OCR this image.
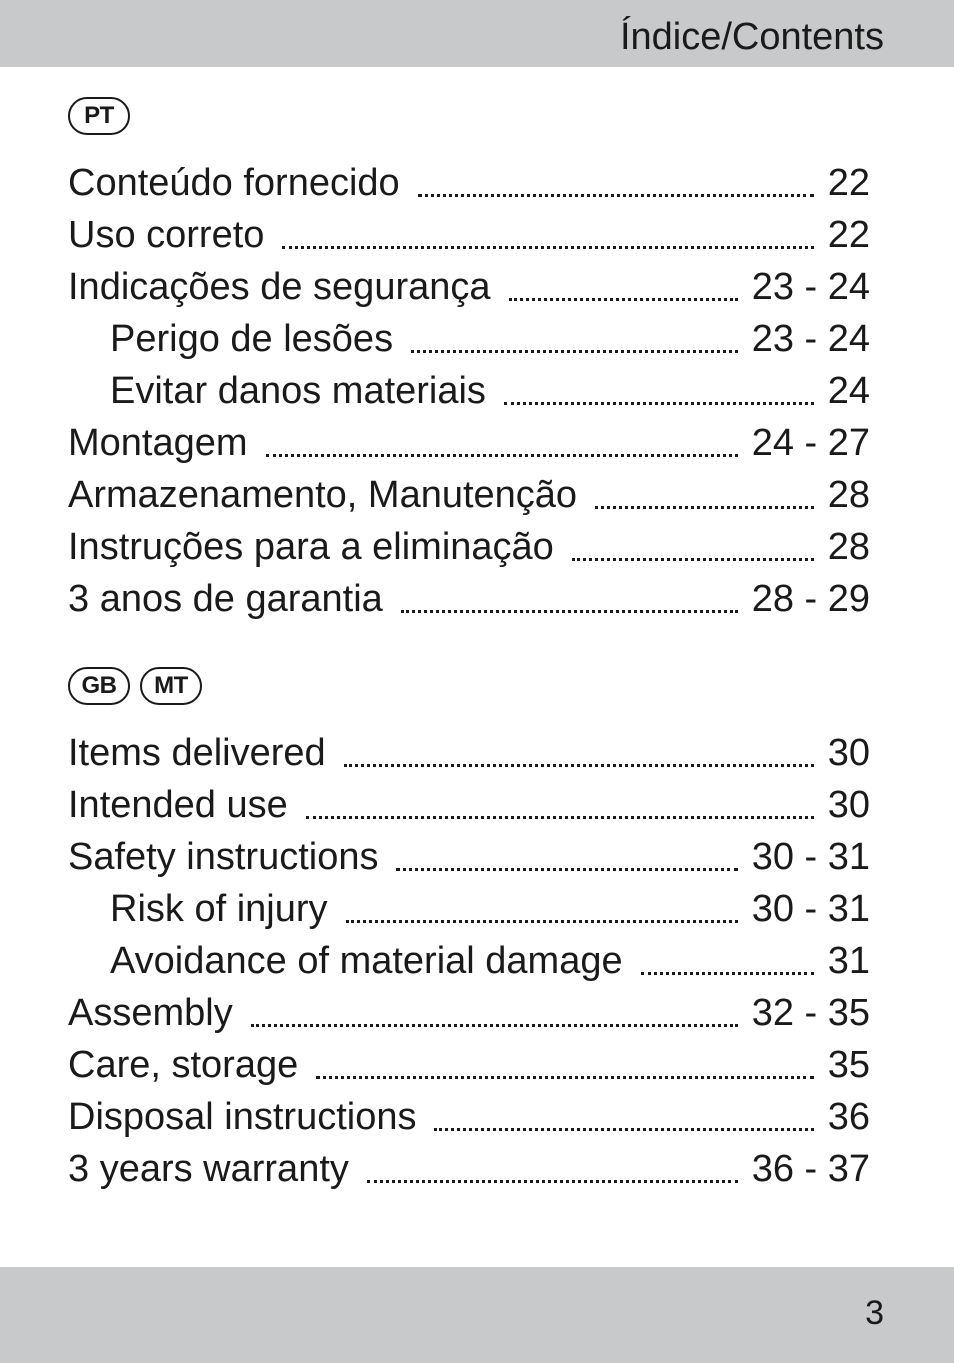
Índice/Contents
PT
Conteúdo fornecido	22
Uso correto	22
Indicações de segurança	23 - 24
Perigo de lesões	23 - 24
Evitar danos materiais	24
Montagem	24 - 27
Armazenamento, Manutenção	28
Instruções para a eliminação	28
3 anos de garantia	28 - 29
GB	MT
Items delivered	30
Intended use	30
Safety instructions	30 - 31
Risk of injury	30 - 31
Avoidance of material damage	31
Assembly	32 - 35
Care, storage	35
Disposal instructions	36
3 years warranty	36 - 37
3
